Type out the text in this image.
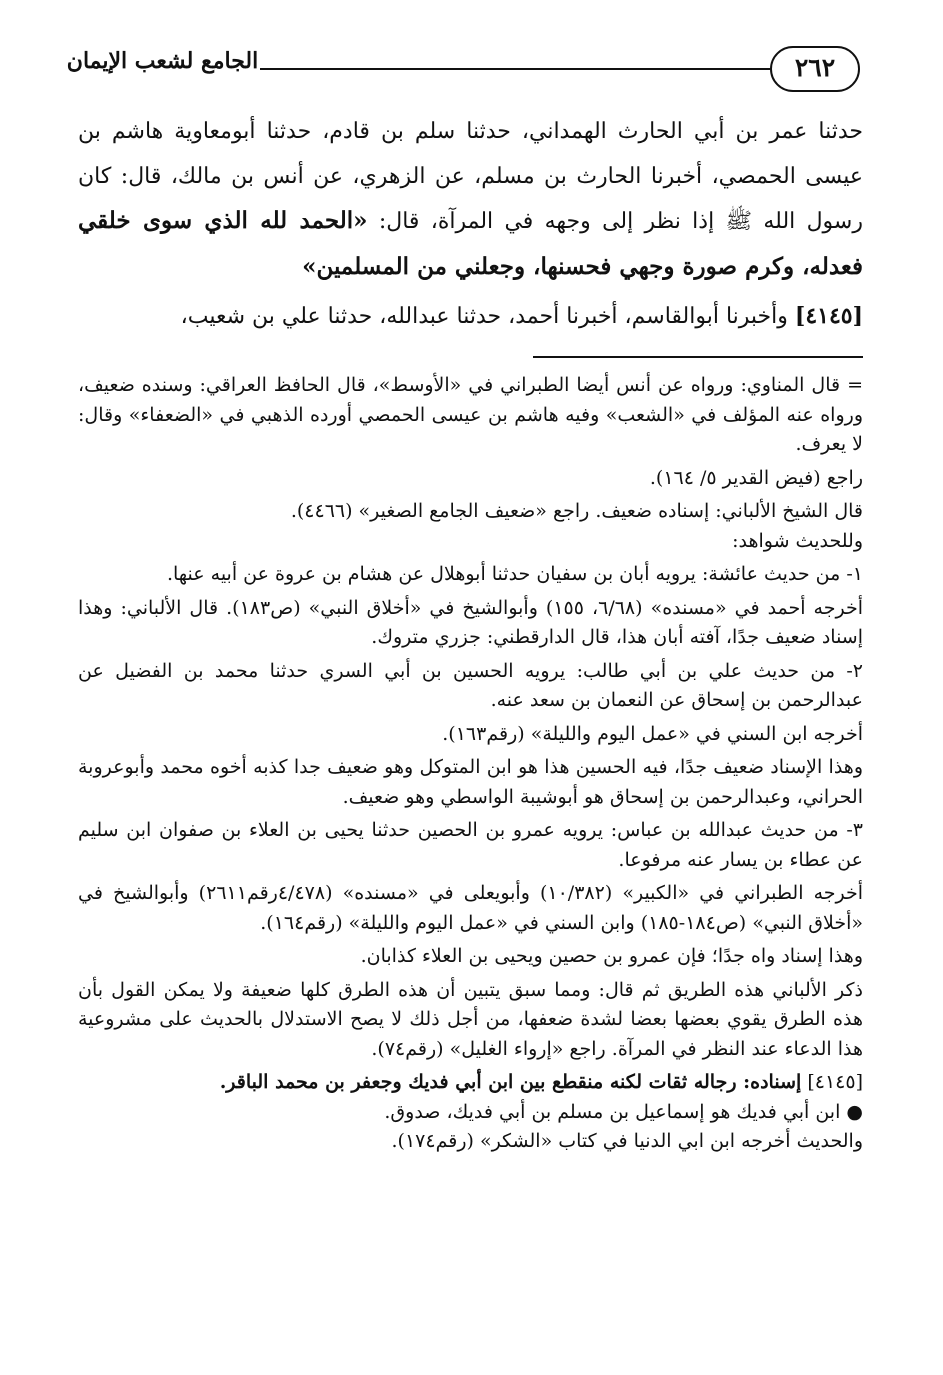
٢٦٢
الجامع لشعب الإيمان

حدثنا عمر بن أبي الحارث الهمداني، حدثنا سلم بن قادم، حدثنا أبومعاوية هاشم بن عيسى الحمصي، أخبرنا الحارث بن مسلم، عن الزهري، عن أنس بن مالك، قال: كان رسول الله ﷺ إذا نظر إلى وجهه في المرآة، قال: «الحمد لله الذي سوى خلقي فعدله، وكرم صورة وجهي فحسنها، وجعلني من المسلمين»

[٤١٤٥] وأخبرنا أبوالقاسم، أخبرنا أحمد، حدثنا عبدالله، حدثنا علي بن شعيب،

= قال المناوي: ورواه عن أنس أيضا الطبراني في «الأوسط»، قال الحافظ العراقي: وسنده ضعيف، ورواه عنه المؤلف في «الشعب» وفيه هاشم بن عيسى الحمصي أورده الذهبي في «الضعفاء» وقال: لا يعرف.

راجع (فيض القدير ٥/ ١٦٤).

قال الشيخ الألباني: إسناده ضعيف. راجع «ضعيف الجامع الصغير» (٤٤٦٦).

وللحديث شواهد:

١- من حديث عائشة: يرويه أبان بن سفيان حدثنا أبوهلال عن هشام بن عروة عن أبيه عنها.

أخرجه أحمد في «مسنده» (٦/٦٨، ١٥٥) وأبوالشيخ في «أخلاق النبي» (ص١٨٣). قال الألباني: وهذا إسناد ضعيف جدًا، آفته أبان هذا، قال الدارقطني: جزري متروك.

٢- من حديث علي بن أبي طالب: يرويه الحسين بن أبي السري حدثنا محمد بن الفضيل عن عبدالرحمن بن إسحاق عن النعمان بن سعد عنه.

أخرجه ابن السني في «عمل اليوم والليلة» (رقم١٦٣).

وهذا الإسناد ضعيف جدًا، فيه الحسين هذا هو ابن المتوكل وهو ضعيف جدا كذبه أخوه محمد وأبوعروبة الحراني، وعبدالرحمن بن إسحاق هو أبوشيبة الواسطي وهو ضعيف.

٣- من حديث عبدالله بن عباس: يرويه عمرو بن الحصين حدثنا يحيى بن العلاء بن صفوان ابن سليم عن عطاء بن يسار عنه مرفوعا.

أخرجه الطبراني في «الكبير» (١٠/٣٨٢) وأبويعلى في «مسنده» (٤/٤٧٨رقم٢٦١١) وأبوالشيخ في «أخلاق النبي» (ص١٨٤-١٨٥) وابن السني في «عمل اليوم والليلة» (رقم١٦٤).

وهذا إسناد واه جدًا؛ فإن عمرو بن حصين ويحيى بن العلاء كذابان.

ذكر الألباني هذه الطريق ثم قال: ومما سبق يتبين أن هذه الطرق كلها ضعيفة ولا يمكن القول بأن هذه الطرق يقوي بعضها بعضا لشدة ضعفها، من أجل ذلك لا يصح الاستدلال بالحديث على مشروعية هذا الدعاء عند النظر في المرآة. راجع «إرواء الغليل» (رقم٧٤).

[٤١٤٥] إسناده: رجاله ثقات لكنه منقطع بين ابن أبي فديك وجعفر بن محمد الباقر.

● ابن أبي فديك هو إسماعيل بن مسلم بن أبي فديك، صدوق.

والحديث أخرجه ابن ابي الدنيا في كتاب «الشكر» (رقم١٧٤).
